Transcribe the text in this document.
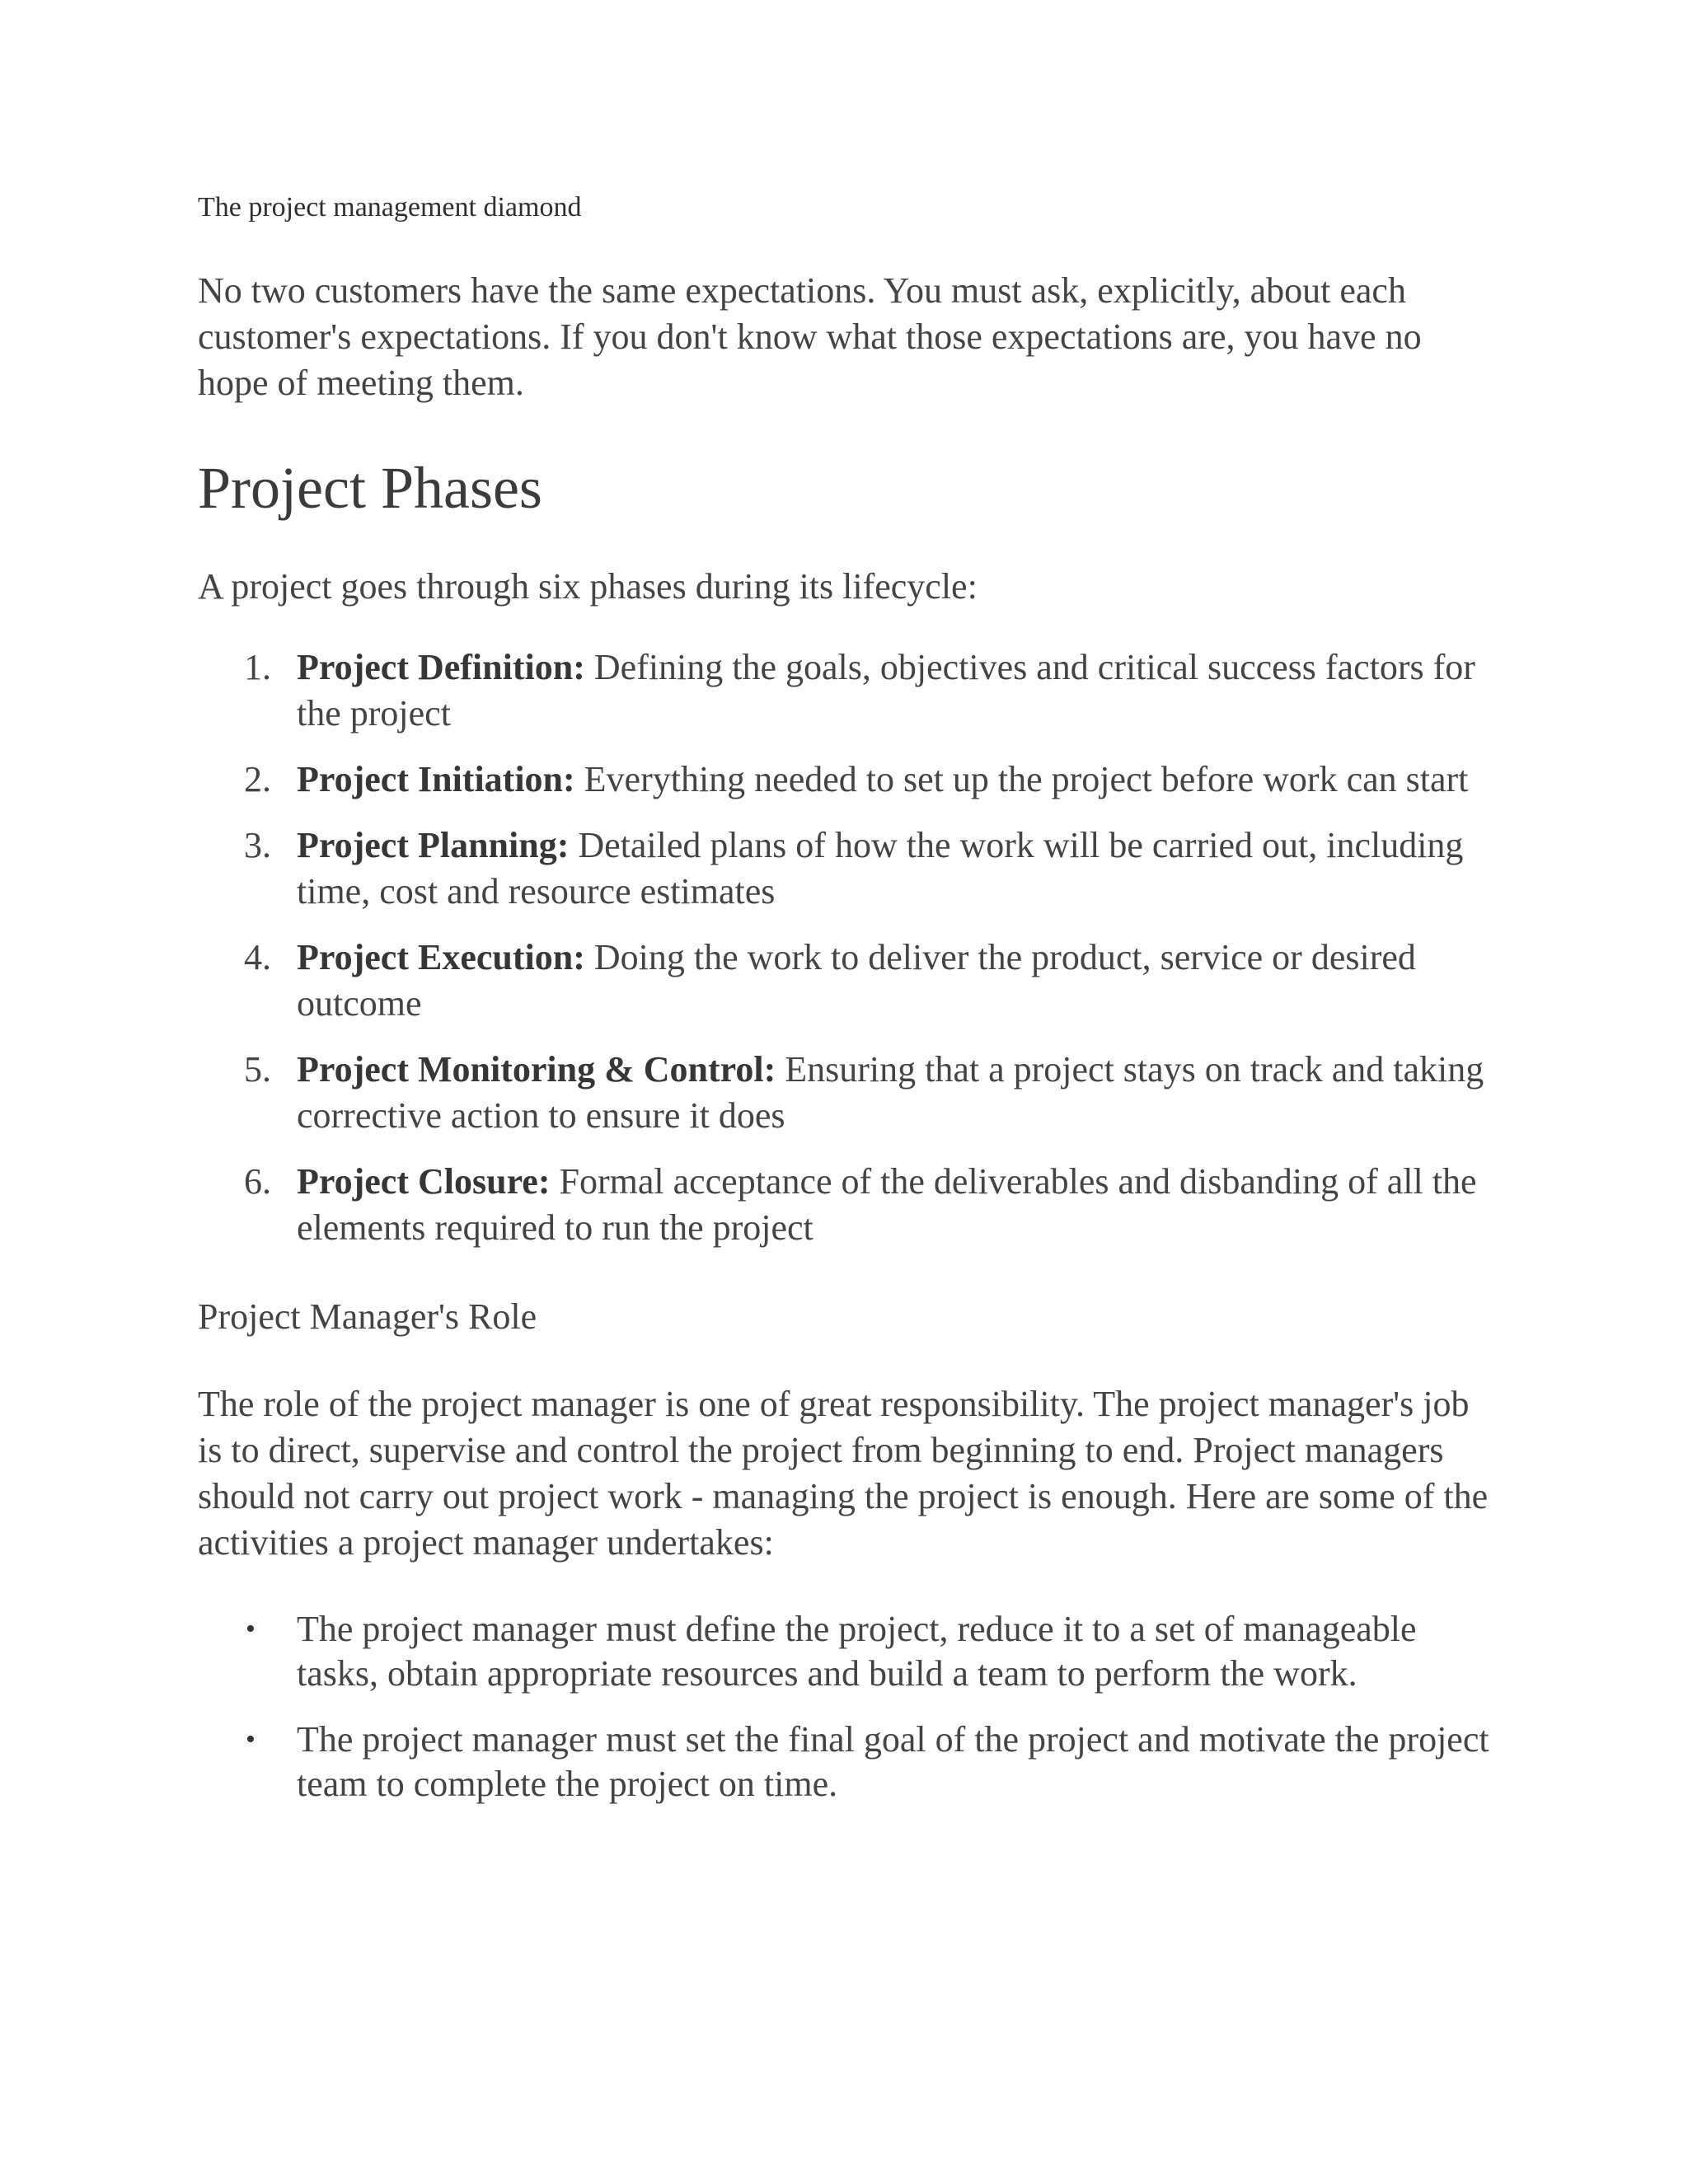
The project management diamond

No two customers have the same expectations. You must ask, explicitly, about each customer's expectations. If you don't know what those expectations are, you have no hope of meeting them.

Project Phases

A project goes through six phases during its lifecycle:

1. Project Definition: Defining the goals, objectives and critical success factors for the project
2. Project Initiation: Everything needed to set up the project before work can start
3. Project Planning: Detailed plans of how the work will be carried out, including time, cost and resource estimates
4. Project Execution: Doing the work to deliver the product, service or desired outcome
5. Project Monitoring & Control: Ensuring that a project stays on track and taking corrective action to ensure it does
6. Project Closure: Formal acceptance of the deliverables and disbanding of all the elements required to run the project

Project Manager's Role

The role of the project manager is one of great responsibility. The project manager's job is to direct, supervise and control the project from beginning to end. Project managers should not carry out project work - managing the project is enough. Here are some of the activities a project manager undertakes:

• The project manager must define the project, reduce it to a set of manageable tasks, obtain appropriate resources and build a team to perform the work.
• The project manager must set the final goal of the project and motivate the project team to complete the project on time.
